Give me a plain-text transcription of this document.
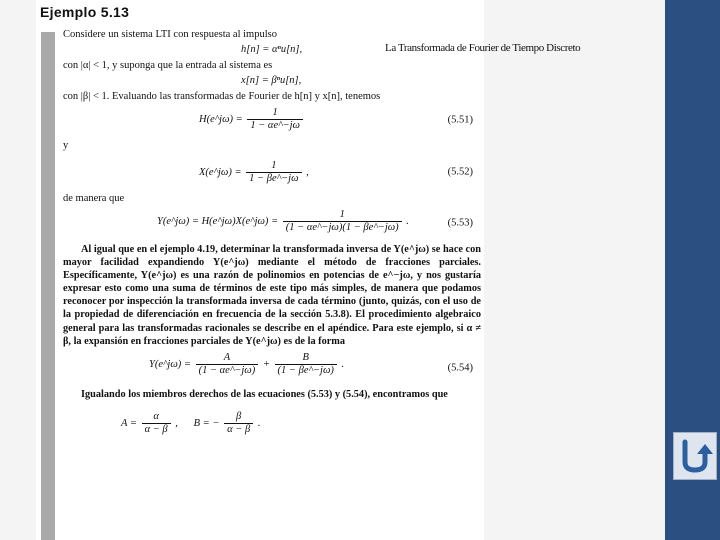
Ejemplo 5.13

Considere un sistema LTI con respuesta al impulso

h[n] = αⁿu[n],

con |α| < 1, y suponga que la entrada al sistema es

x[n] = βⁿu[n],

con |β| < 1. Evaluando las transformadas de Fourier de h[n] y x[n], tenemos

H(e^jω) = $\frac{1}{1 - \alpha e\^{}-j\omega}$	(5.51)

y

X(e^jω) = $\frac{1}{1 - \beta e\^{}-j\omega}$ ,	(5.52)

de manera que

Y(e^jω) = H(e^jω)X(e^jω) = $\frac{1}{(1 - \alpha e\^{}-j\omega)(1 - \beta e\^{}-j\omega)}$ .	(5.53)

Al igual que en el ejemplo 4.19, determinar la transformada inversa de Y(e^jω) se hace con mayor facilidad expandiendo Y(e^jω) mediante el método de fracciones parciales. Específicamente, Y(e^jω) es una razón de polinomios en potencias de e^−jω, y nos gustaría expresar esto como una suma de términos de este tipo más simples, de manera que podamos reconocer por inspección la transformada inversa de cada término (junto, quizás, con el uso de la propiedad de diferenciación en frecuencia de la sección 5.3.8). El procedimiento algebraico general para las transformadas racionales se describe en el apéndice. Para este ejemplo, si α ≠ β, la expansión en fracciones parciales de Y(e^jω) es de la forma

Y(e^jω) = $\frac{A}{(1 - \alpha e\^{}-j\omega)} + \frac{B}{(1 - \beta e\^{}-j\omega)}$ .	(5.54)

Igualando los miembros derechos de las ecuaciones (5.53) y (5.54), encontramos que

$A = \frac{\alpha}{\alpha - \beta}$ , B = − $\frac{\beta}{\alpha - \beta}$ .
La Transformada de Fourier de Tiempo Discreto
